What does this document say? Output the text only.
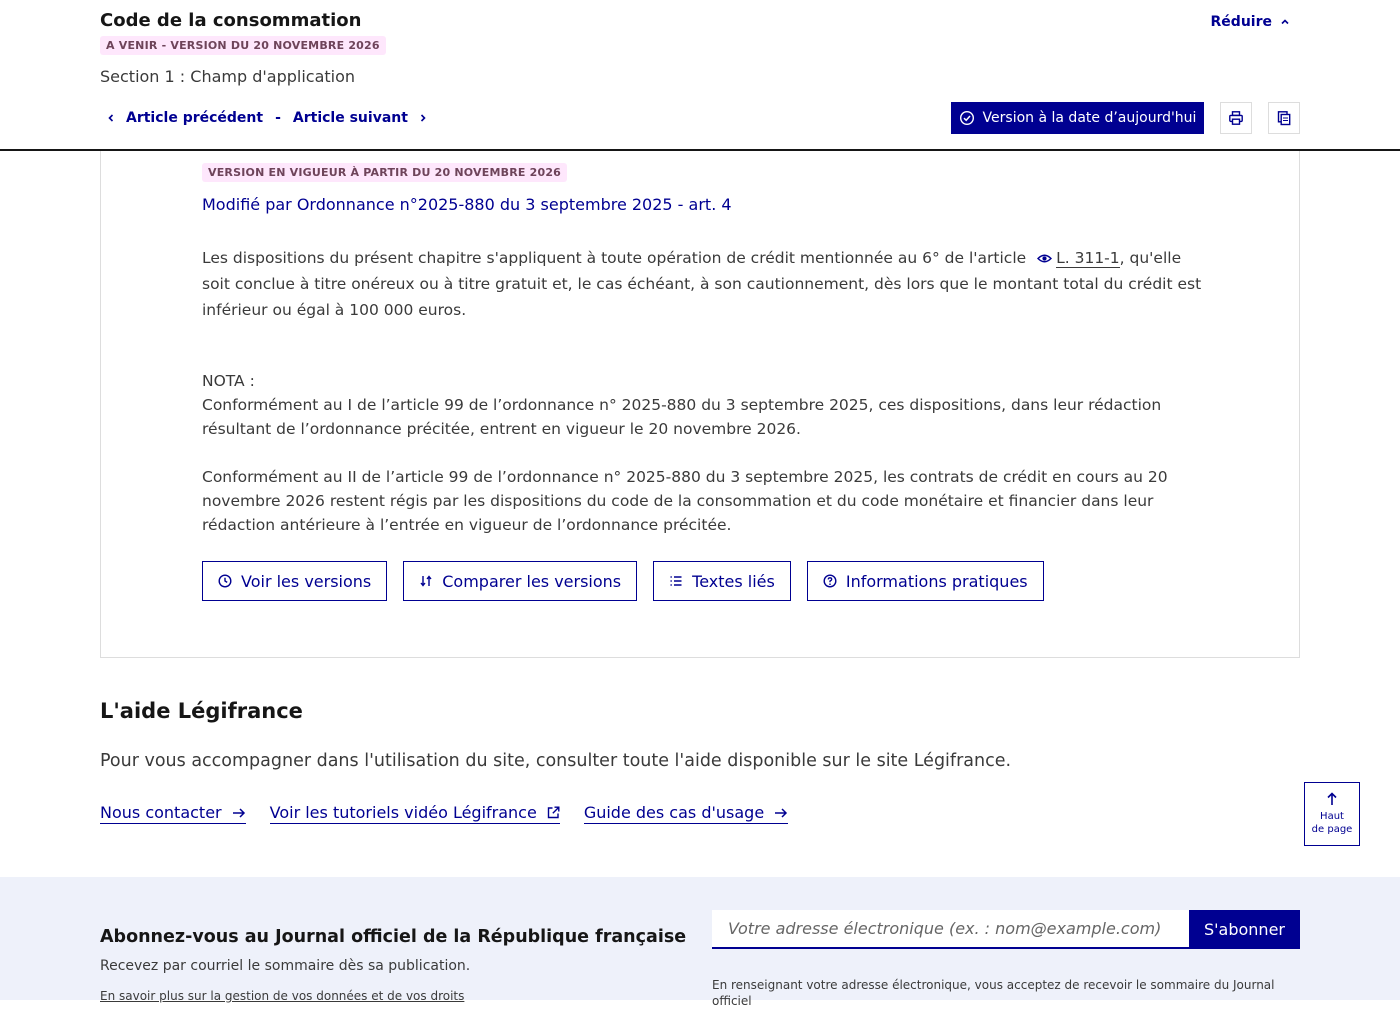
Code de la consommation
A VENIR - VERSION DU 20 NOVEMBRE 2026
Section 1 : Champ d'application
Réduire
Article précédent - Article suivant	Version à la date d’aujourd'hui
VERSION EN VIGUEUR À PARTIR DU 20 NOVEMBRE 2026
Modifié par Ordonnance n°2025-880 du 3 septembre 2025 - art. 4
Les dispositions du présent chapitre s'appliquent à toute opération de crédit mentionnée au 6° de l'article L. 311-1, qu'elle soit conclue à titre onéreux ou à titre gratuit et, le cas échéant, à son cautionnement, dès lors que le montant total du crédit est inférieur ou égal à 100 000 euros.
NOTA :
Conformément au I de l’article 99 de l’ordonnance n° 2025-880 du 3 septembre 2025, ces dispositions, dans leur rédaction résultant de l’ordonnance précitée, entrent en vigueur le 20 novembre 2026.
Conformément au II de l’article 99 de l’ordonnance n° 2025-880 du 3 septembre 2025, les contrats de crédit en cours au 20 novembre 2026 restent régis par les dispositions du code de la consommation et du code monétaire et financier dans leur rédaction antérieure à l’entrée en vigueur de l’ordonnance précitée.
Voir les versions	Comparer les versions	Textes liés	Informations pratiques
L'aide Légifrance
Pour vous accompagner dans l'utilisation du site, consulter toute l'aide disponible sur le site Légifrance.
Nous contacter	Voir les tutoriels vidéo Légifrance	Guide des cas d'usage	Haut
de page
Abonnez-vous au Journal officiel de la République française
Recevez par courriel le sommaire dès sa publication.
En savoir plus sur la gestion de vos données et de vos droits
Votre adresse électronique (ex. : nom@example.com)
S'abonner
En renseignant votre adresse électronique, vous acceptez de recevoir le sommaire du Journal officiel
